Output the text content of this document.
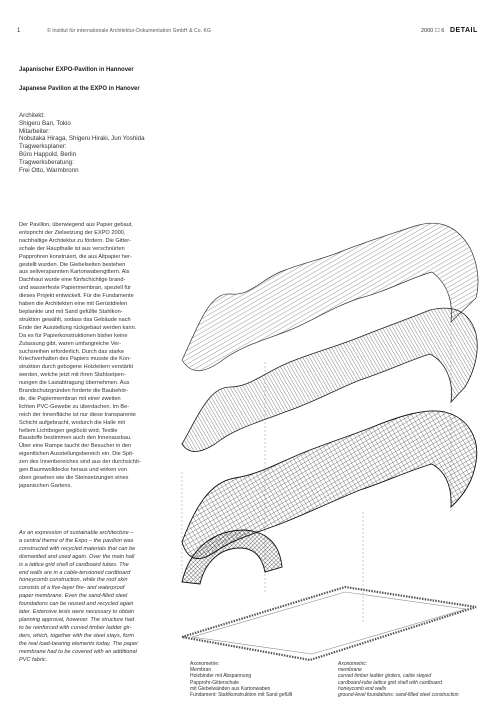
1	© Institut für internationale Architektur-Dokumentation GmbH & Co. KG	2000 ☐ 6 DETAIL
Japanischer EXPO-Pavillon in Hannover
Japanese Pavilion at the EXPO in Hanover
Architekt:
Shigeru Ban, Tokio
Mitarbeiter:
Nobutaka Hiraga, Shigeru Hiraki, Jun Yoshida
Tragwerksplaner:
Büro Happold, Berlin
Tragwerksberatung:
Frei Otto, Warmbronn
Der Pavillon, überwiegend aus Papier gebaut,
entspricht der Zielsetzung der EXPO 2000,
nachhaltige Architektur zu fördern. Die Gitter-
schale der Haupthalle ist aus verschnürten
Papprohren konstruiert, die aus Altpapier her-
gestellt wurden. Die Giebelseiten bestehen
aus seilverspannten Kartonwabengittern. Als
Dachhaut wurde eine fünfschichtige brand-
und wasserfeste Papiermembran, speziell für
dieses Projekt entwickelt. Für die Fundamente
haben die Architekten eine mit Gerüstdielen
beplankte und mit Sand gefüllte Stahlkon-
struktion gewählt, sodass das Gebäude nach
Ende der Ausstellung rückgebaut werden kann.
Da es für Papierkonstruktionen bisher keine
Zulassung gibt, waren umfangreiche Ver-
suchsreihen erforderlich. Durch das starke
Kriechverhalten des Papiers musste die Kon-
struktion durch gebogene Holzleitern verstärkt
werden, welche jetzt mit ihren Stahlsetpen-
nungen die Lastabtragung übernehmen. Aus
Brandschutzgründen forderte die Baubehör-
de, die Papiermembran mit einer zweiten
lichten PVC-Gewebe zu überdachen. Im Be-
reich der Innenfläche ist nur diese transparente
Schicht aufgebracht, wodurch die Halle mit
hellem Lichtbogen geglöckt wird. Textile
Baustoffe bestimmen auch den Innenausbau.
Über eine Rampe taucht der Besucher in den
eigentlichen Ausstellungsbereich ein. Die Spit-
zen des Innenbereiches sind aus der durchsichti-
gen Baumwolldecke heraus und wirken von
oben gesehen wie die Steinsetzungen eines
japanischen Gartens.
As an expression of sustainable architecture –
a central theme of the Expo – the pavilion was
constructed with recycled materials that can be
dismantled and used again. Over the main hall
is a lattice grid shell of cardboard tubes. The
end walls are in a cable-tensioned cardboard
honeycomb construction, while the roof skin
consists of a five-layer fire- and waterproof
paper membrane. Even the sand-filled steel
foundations can be reused and recycled again
later. Extensive tests were necessary to obtain
planning approval, however. The structure had
to be reinforced with curved timber ladder gir-
ders, which, together with the steel stays, form
the real load-bearing elements today. The paper
membrane had to be covered with an additional
PVC fabric.
Axonometrie:
Membran
Holzbinder mit Abspannung
Papprohr-Gitterschale
mit Giebelwänden aus Kartonwaben
Fundament: Stahlkonstruktion mit Sand gefüllt
Axonometric:
membrane
curved timber ladder girders, cable stayed
cardboard-tube lattice grid shell with cardboard
honeycomb end walls
ground-level foundations: sand-filled steel construction
